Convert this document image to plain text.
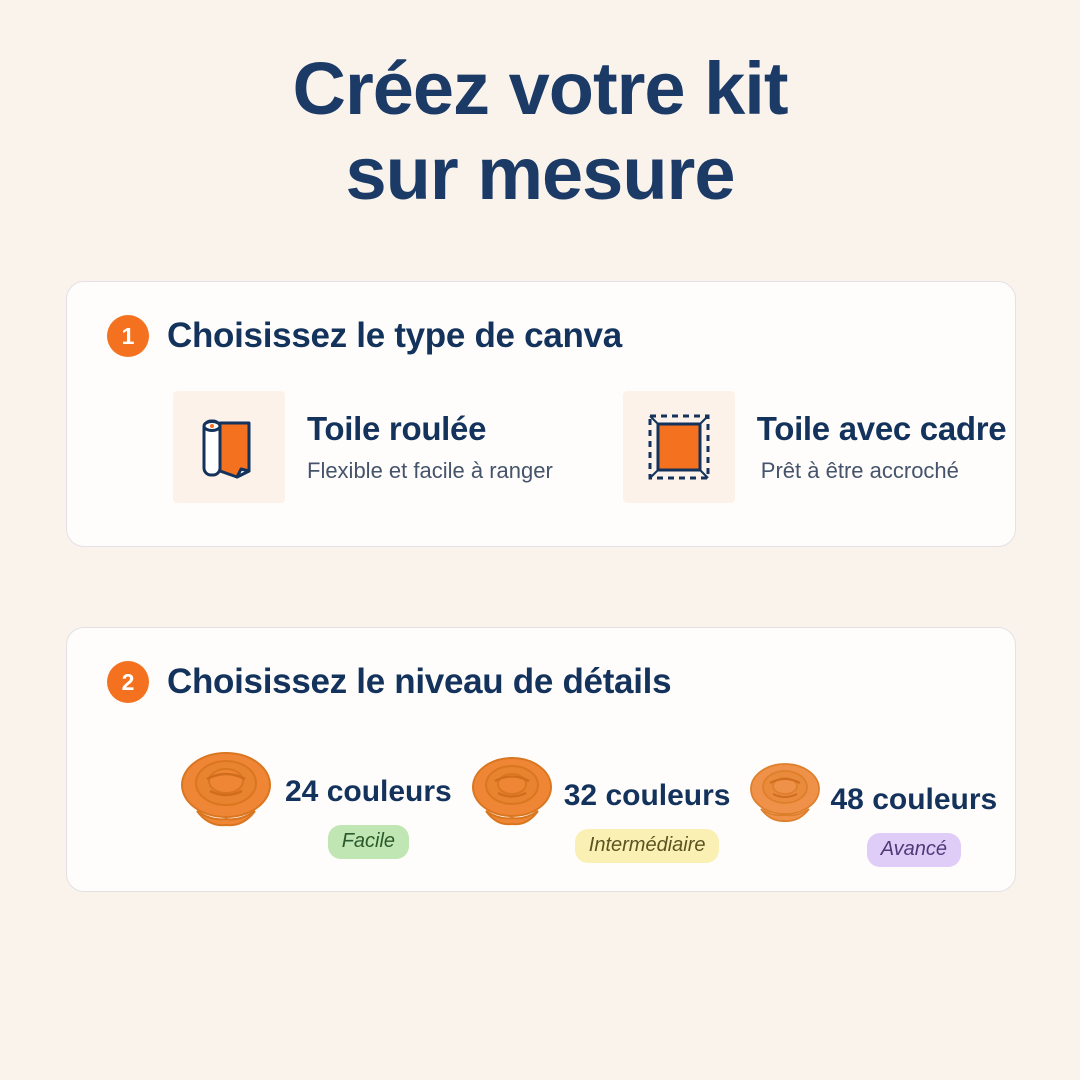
Créez votre kit
sur mesure
1 Choisissez le type de canva
Toile roulée
Flexible et facile à ranger
Toile avec cadre
Prêt à être accroché
2 Choisissez le niveau de détails
24 couleurs
Facile
32 couleurs
Intermédiaire
48 couleurs
Avancé
